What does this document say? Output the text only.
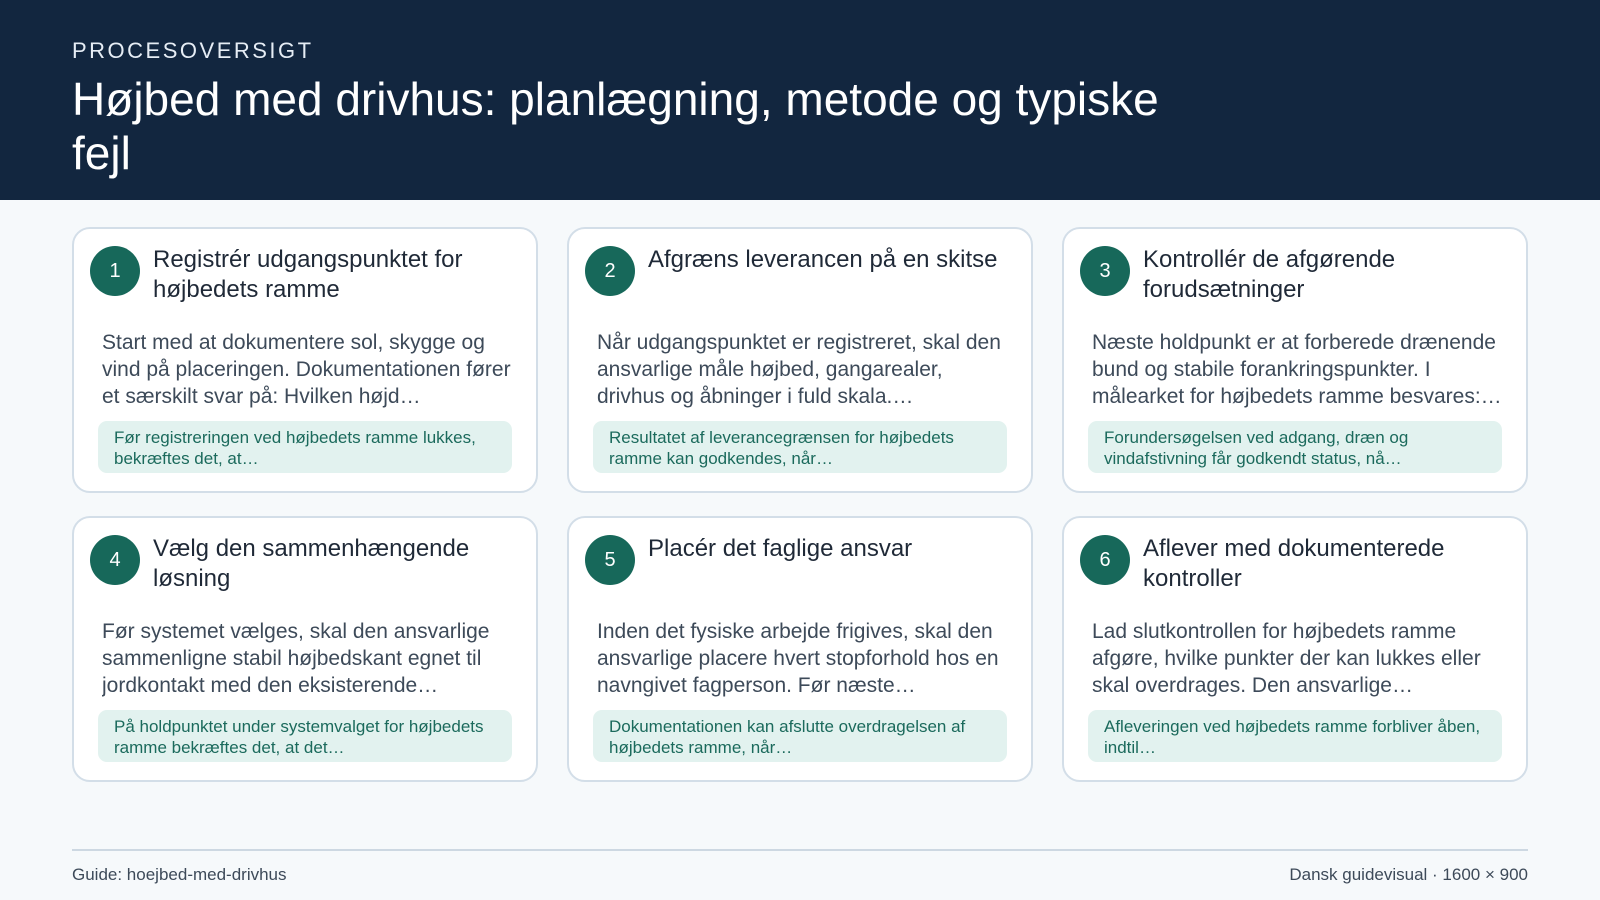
PROCESOVERSIGT
Højbed med drivhus: planlægning, metode og typiske fejl
1	Registrér udgangspunktet for højbedets ramme
Start med at dokumentere sol, skygge og vind på placeringen. Dokumentationen fører et særskilt svar på: Hvilken højd…
Før registreringen ved højbedets ramme lukkes, bekræftes det, at…
2	Afgræns leverancen på en skitse
Når udgangspunktet er registreret, skal den ansvarlige måle højbed, gangarealer, drivhus og åbninger i fuld skala.…
Resultatet af leverancegrænsen for højbedets ramme kan godkendes, når…
3	Kontrollér de afgørende forudsætninger
Næste holdpunkt er at forberede drænende bund og stabile forankringspunkter. I målearket for højbedets ramme besvares:…
Forundersøgelsen ved adgang, dræn og vindafstivning får godkendt status, nå…
4	Vælg den sammenhængende løsning
Før systemet vælges, skal den ansvarlige sammenligne stabil højbedskant egnet til jordkontakt med den eksisterende…
På holdpunktet under systemvalget for højbedets ramme bekræftes det, at det…
5	Placér det faglige ansvar
Inden det fysiske arbejde frigives, skal den ansvarlige placere hvert stopforhold hos en navngivet fagperson. Før næste…
Dokumentationen kan afslutte overdragelsen af højbedets ramme, når…
6	Aflever med dokumenterede kontroller
Lad slutkontrollen for højbedets ramme afgøre, hvilke punkter der kan lukkes eller skal overdrages. Den ansvarlige…
Afleveringen ved højbedets ramme forbliver åben, indtil…
Guide: hoejbed-med-drivhus	Dansk guidevisual · 1600 × 900
